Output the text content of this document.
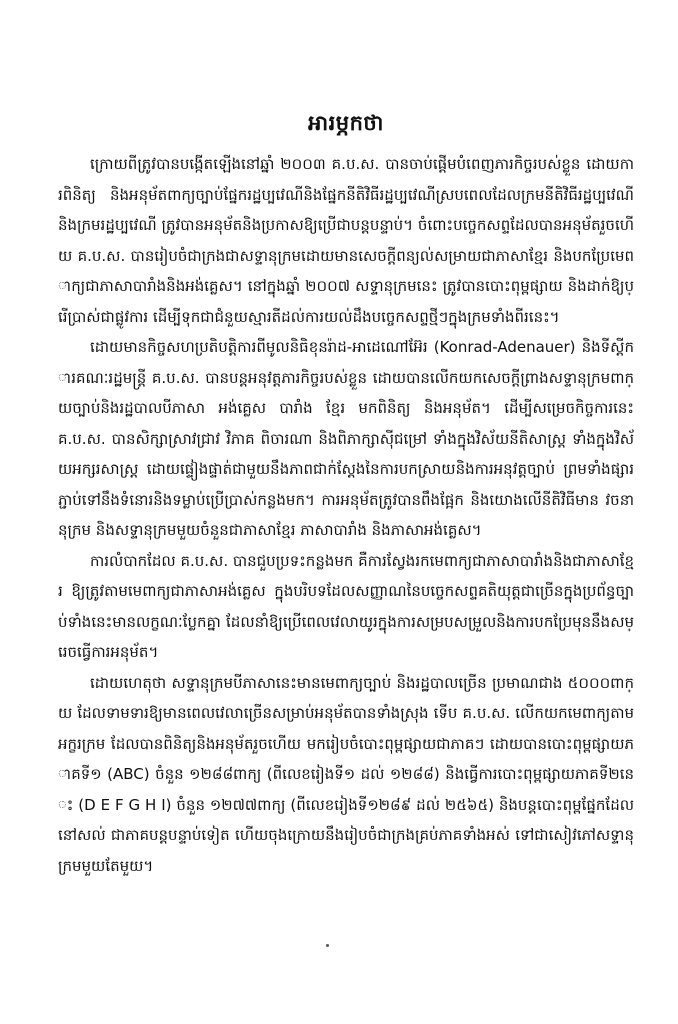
អារម្ភកថា

ក្រោយពីត្រូវបានបង្កើតឡើងនៅឆ្នាំ ២០០៣ គ.ប.ស. បានចាប់ផ្តើមបំពេញភារកិច្ចរបស់ខ្លួន ដោយការពិនិត្យ និងអនុម័តពាក្យច្បាប់ផ្នែករដ្ឋប្បវេណីនិងផ្នែកនីតិវិធីរដ្ឋប្បវេណីស្របពេលដែលក្រមនីតិវិធីរដ្ឋប្បវេណីនិងក្រមរដ្ឋប្បវេណី ត្រូវបានអនុម័តនិងប្រកាសឱ្យប្រើជាបន្តបន្ទាប់។ ចំពោះបច្ចេកសព្ទដែលបានអនុម័តរួចហើយ គ.ប.ស. បានរៀបចំជាក្រងជាសទ្ទានុក្រមដោយមានសេចក្តីពន្យល់សម្រាយជាភាសាខ្មែរ និងបកប្រែមេពាក្យជាភាសាបារាំងនិងអង់គ្លេស។ នៅក្នុងឆ្នាំ ២០០៧ សទ្ទានុក្រមនេះ ត្រូវបានបោះពុម្ពផ្សាយ និងដាក់ឱ្យប្រើប្រាស់ជាផ្លូវការ ដើម្បីទុកជាជំនួយស្មារតីដល់ការយល់ដឹងបច្ចេកសព្ទថ្មីៗក្នុងក្រមទាំងពីរនេះ។

ដោយមានកិច្ចសហប្រតិបត្តិការពីមូលនិធិខុនរ៉ាដ-អាដេណៅអ៊ែរ (Konrad-Adenauer) និងទីស្តីការគណៈរដ្ឋមន្ត្រី គ.ប.ស. បានបន្តអនុវត្តភារកិច្ចរបស់ខ្លួន ដោយបានលើកយកសេចក្តីព្រាងសទ្ទានុក្រមពាក្យច្បាប់និងរដ្ឋបាលបីភាសា អង់គ្លេស បារាំង ខ្មែរ មកពិនិត្យ និងអនុម័ត។ ដើម្បីសម្រេចកិច្ចការនេះ គ.ប.ស. បានសិក្សាស្រាវជ្រាវ វិភាគ ពិចារណា និងពិភាក្សាស៊ីជម្រៅ ទាំងក្នុងវិស័យនីតិសាស្ត្រ ទាំងក្នុងវិស័យអក្សរសាស្ត្រ ដោយផ្ទៀងផ្ទាត់ជាមួយនឹងភាពជាក់ស្តែងនៃការបកស្រាយនិងការអនុវត្តច្បាប់ ព្រមទាំងផ្សារភ្ជាប់ទៅនឹងទំនោរនិងទម្លាប់ប្រើប្រាស់កន្លងមក។ ការអនុម័តត្រូវបានពឹងផ្អែក និងយោងលើនីតិវិធីមាន វចនានុក្រម និងសទ្ទានុក្រមមួយចំនួនជាភាសាខ្មែរ ភាសាបារាំង និងភាសាអង់គ្លេស។

ការលំបាកដែល គ.ប.ស. បានជួបប្រទះកន្លងមក គឺការស្វែងរកមេពាក្យជាភាសាបារាំងនិងជាភាសាខ្មែរ ឱ្យត្រូវតាមមេពាក្យជាភាសាអង់គ្លេស ក្នុងបរិបទដែលសញ្ញាណនៃបច្ចេកសព្ទគតិយុត្តជាច្រើនក្នុងប្រព័ន្ធច្បាប់ទាំងនេះមានលក្ខណៈប្លែកគ្នា ដែលនាំឱ្យប្រើពេលវេលាយូរក្នុងការសម្របសម្រួលនិងការបកប្រែមុននឹងសម្រេចធ្វើការអនុម័ត។

ដោយហេតុថា សទ្ទានុក្រមបីភាសានេះមានមេពាក្យច្បាប់ និងរដ្ឋបាលច្រើន ប្រមាណជាង ៥០០០ពាក្យ ដែលទាមទារឱ្យមានពេលវេលាច្រើនសម្រាប់អនុម័តបានទាំងស្រុង ទើប គ.ប.ស. លើកយកមេពាក្យតាមអក្ខរក្រម ដែលបានពិនិត្យនិងអនុម័តរួចហើយ មករៀបចំបោះពុម្ពផ្សាយជាភាគៗ ដោយបានបោះពុម្ពផ្សាយភាគទី១ (ABC) ចំនួន ១២៨៨ពាក្យ (ពីលេខរៀងទី១ ដល់ ១២៨៨) និងធ្វើការបោះពុម្ពផ្សាយភាគទី២នេះ (D E F G H I) ចំនួន ១២៧៧ពាក្យ (ពីលេខរៀងទី១២៨៩ ដល់ ២៥៦៥) និងបន្តបោះពុម្ពផ្នែកដែលនៅសល់ ជាភាគបន្តបន្ទាប់ទៀត ហើយចុងក្រោយនឹងរៀបចំជាក្រងគ្រប់ភាគទាំងអស់ ទៅជាសៀវភៅសទ្ទានុក្រមមួយតែមួយ។
